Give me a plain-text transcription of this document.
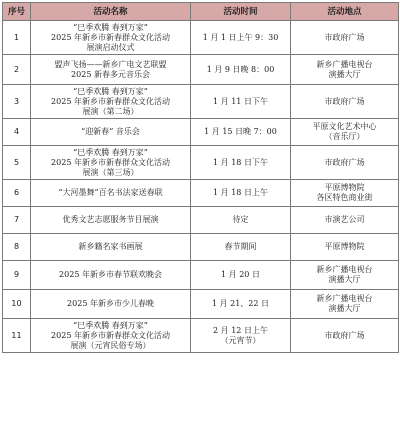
序号	活动名称	活动时间	活动地点
1	“巳季欢腾 春到万家”
2025 年新乡市新春群众文化活动
展演启动仪式	1 月 1 日上午 9：30	市政府广场

2	盟声飞扬——新乡广电文艺联盟
2025 新春多元音乐会	1 月 9 日晚 8：00	新乡广播电视台
演播大厅

3	“巳季欢腾 春到万家”
2025 年新乡市新春群众文化活动
展演（第二场）	1 月 11 日下午	市政府广场

4	“迎新春” 音乐会	1 月 15 日晚 7：00	平原文化艺术中心
（音乐厅）

5	“巳季欢腾 春到万家”
2025 年新乡市新春群众文化活动
展演（第三场）	1 月 18 日下午	市政府广场

6	“大河墨舞”百名书法家送春联	1 月 18 日上午	平原博物院
各区特色商业街

7	优秀文艺志愿服务节目展演	待定	市演艺公司

8	新乡籍名家书画展	春节期间	平原博物院

9	2025 年新乡市春节联欢晚会	1 月 20 日	新乡广播电视台
演播大厅

10	2025 年新乡市少儿春晚	1 月 21、22 日	新乡广播电视台
演播大厅

11	“巳季欢腾 春到万家”
2025 年新乡市新春群众文化活动
展演（元宵民俗专场）	2 月 12 日上午
（元宵节）	市政府广场
